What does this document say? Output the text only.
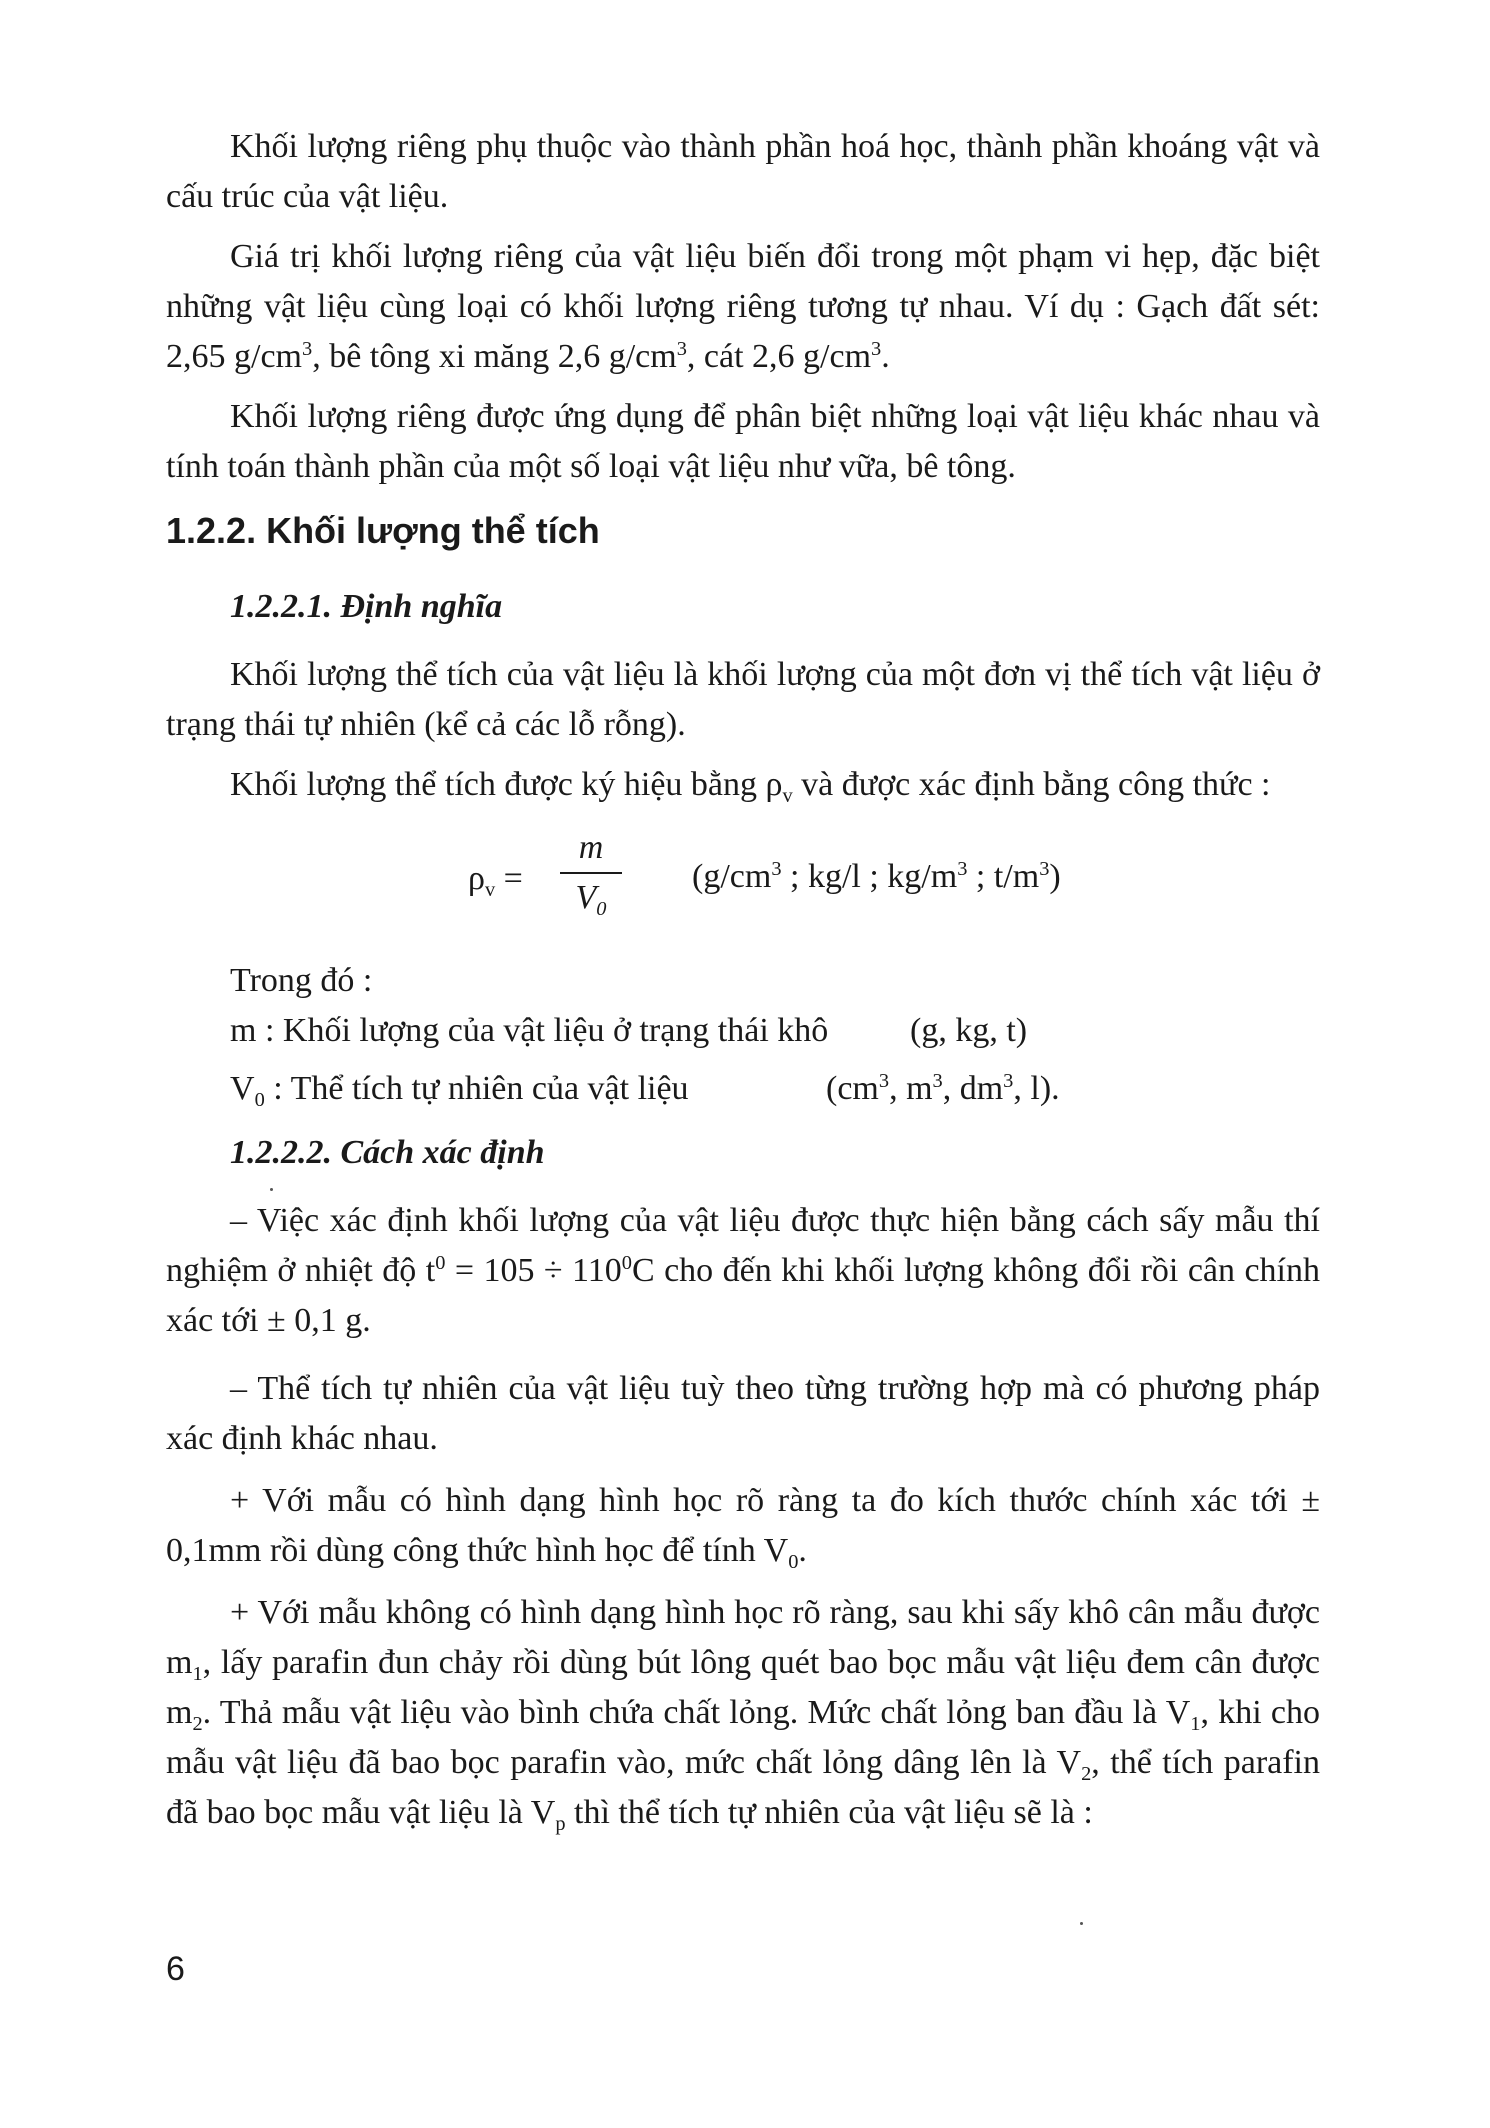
Khối lượng riêng phụ thuộc vào thành phần hoá học, thành phần khoáng vật và cấu trúc của vật liệu.

Giá trị khối lượng riêng của vật liệu biến đổi trong một phạm vi hẹp, đặc biệt những vật liệu cùng loại có khối lượng riêng tương tự nhau. Ví dụ : Gạch đất sét: 2,65 $g/cm^3$, bê tông xi măng 2,6 $g/cm^3$, cát 2,6 $g/cm^3$.

Khối lượng riêng được ứng dụng để phân biệt những loại vật liệu khác nhau và tính toán thành phần của một số loại vật liệu như vữa, bê tông.

1.2.2. Khối lượng thể tích
1.2.2.1. Định nghĩa

Khối lượng thể tích của vật liệu là khối lượng của một đơn vị thể tích vật liệu ở trạng thái tự nhiên (kể cả các lỗ rỗng).

Khối lượng thể tích được ký hiệu bằng $\rho_v$ và được xác định bằng công thức :

$\rho_v$ =

m
$V_0$

($g/cm^3$ ; kg/l ; $kg/m^3$ ; $t/m^3$)

Trong đó :

m : Khối lượng của vật liệu ở trạng thái khô (g, kg, t)

$V_0$ : Thể tích tự nhiên của vật liệu	($cm^3$, $m^3$, $dm^3$, l).

1.2.2.2. Cách xác định

– Việc xác định khối lượng của vật liệu được thực hiện bằng cách sấy mẫu thí nghiệm ở nhiệt độ $t^0 = 105 \div 110^0C$ cho đến khi khối lượng không đổi rồi cân chính xác tới ± 0,1 g.

– Thể tích tự nhiên của vật liệu tuỳ theo từng trường hợp mà có phương pháp xác định khác nhau.

+ Với mẫu có hình dạng hình học rõ ràng ta đo kích thước chính xác tới ± 0,1mm rồi dùng công thức hình học để tính $V_0$.

+ Với mẫu không có hình dạng hình học rõ ràng, sau khi sấy khô cân mẫu được $m_1$, lấy parafin đun chảy rồi dùng bút lông quét bao bọc mẫu vật liệu đem cân được $m_2$. Thả mẫu vật liệu vào bình chứa chất lỏng. Mức chất lỏng ban đầu là $V_1$, khi cho mẫu vật liệu đã bao bọc parafin vào, mức chất lỏng dâng lên là $V_2$, thể tích parafin đã bao bọc mẫu vật liệu là $V_p$ thì thể tích tự nhiên của vật liệu sẽ là :

6
